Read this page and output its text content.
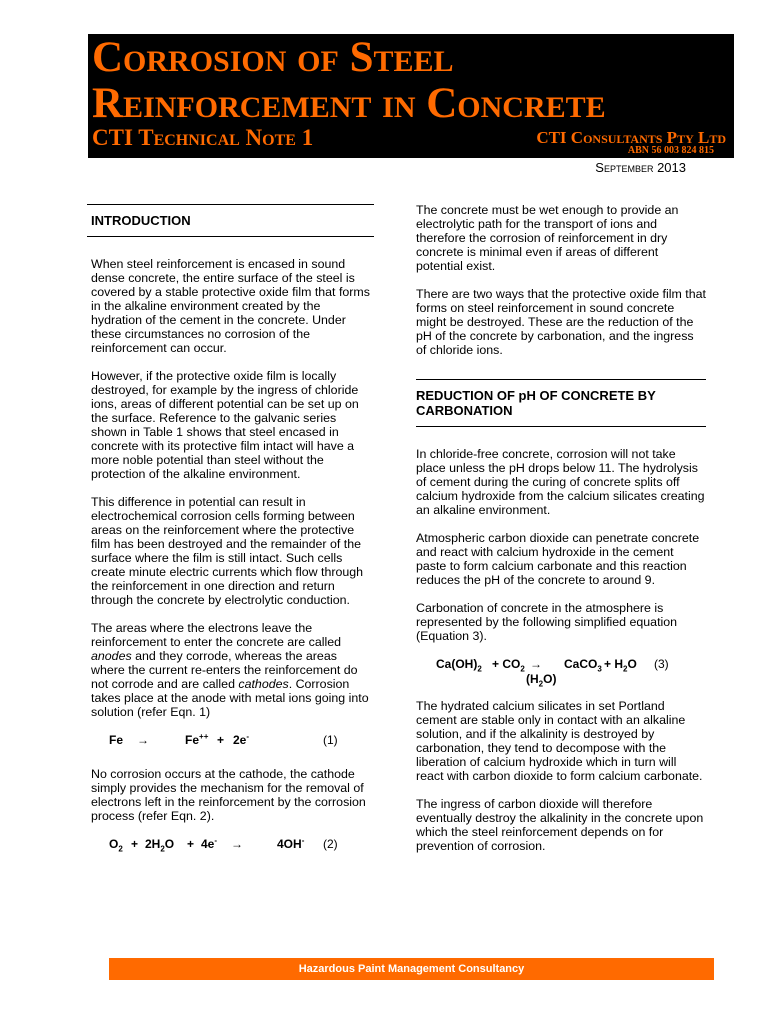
Corrosion of Steel
Reinforcement in Concrete
CTI Technical Note 1	CTI Consultants Pty Ltd
ABN 56 003 824 815
September 2013
INTRODUCTION

When steel reinforcement is encased in sound dense concrete, the entire surface of the steel is covered by a stable protective oxide film that forms in the alkaline environment created by the hydration of the cement in the concrete. Under these circumstances no corrosion of the reinforcement can occur.

However, if the protective oxide film is locally destroyed, for example by the ingress of chloride ions, areas of different potential can be set up on the surface. Reference to the galvanic series shown in Table 1 shows that steel encased in concrete with its protective film intact will have a more noble potential than steel without the protection of the alkaline environment.

This difference in potential can result in electrochemical corrosion cells forming between areas on the reinforcement where the protective film has been destroyed and the remainder of the surface where the film is still intact. Such cells create minute electric currents which flow through the reinforcement in one direction and return through the concrete by electrolytic conduction.

The areas where the electrons leave the reinforcement to enter the concrete are called anodes and they corrode, whereas the areas where the current re-enters the reinforcement do not corrode and are called cathodes. Corrosion takes place at the anode with metal ions going into solution (refer Eqn. 1)

Fe →	Fe++ + 2e-	(1)

No corrosion occurs at the cathode, the cathode simply provides the mechanism for the removal of electrons left in the reinforcement by the corrosion process (refer Eqn. 2).

$O_2 + 2H_2O + 4e^-$ →	4OH- (2)

The concrete must be wet enough to provide an electrolytic path for the transport of ions and therefore the corrosion of reinforcement in dry concrete is minimal even if areas of different potential exist.

There are two ways that the protective oxide film that forms on steel reinforcement in sound concrete might be destroyed. These are the reduction of the pH of the concrete by carbonation, and the ingress of chloride ions.

REDUCTION OF pH OF CONCRETE BY CARBONATION

In chloride-free concrete, corrosion will not take place unless the pH drops below 11. The hydrolysis of cement during the curing of concrete splits off calcium hydroxide from the calcium silicates creating an alkaline environment.

Atmospheric carbon dioxide can penetrate concrete and react with calcium hydroxide in the cement paste to form calcium carbonate and this reaction reduces the pH of the concrete to around 9.

Carbonation of concrete in the atmosphere is represented by the following simplified equation (Equation 3).

$Ca(OH)_2 + CO_2$ → CaCO$_3$ + $H_2O$ (3)
$(H_2O)$

The hydrated calcium silicates in set Portland cement are stable only in contact with an alkaline solution, and if the alkalinity is destroyed by carbonation, they tend to decompose with the liberation of calcium hydroxide which in turn will react with carbon dioxide to form calcium carbonate.

The ingress of carbon dioxide will therefore eventually destroy the alkalinity in the concrete upon which the steel reinforcement depends on for prevention of corrosion.

Hazardous Paint Management Consultancy
